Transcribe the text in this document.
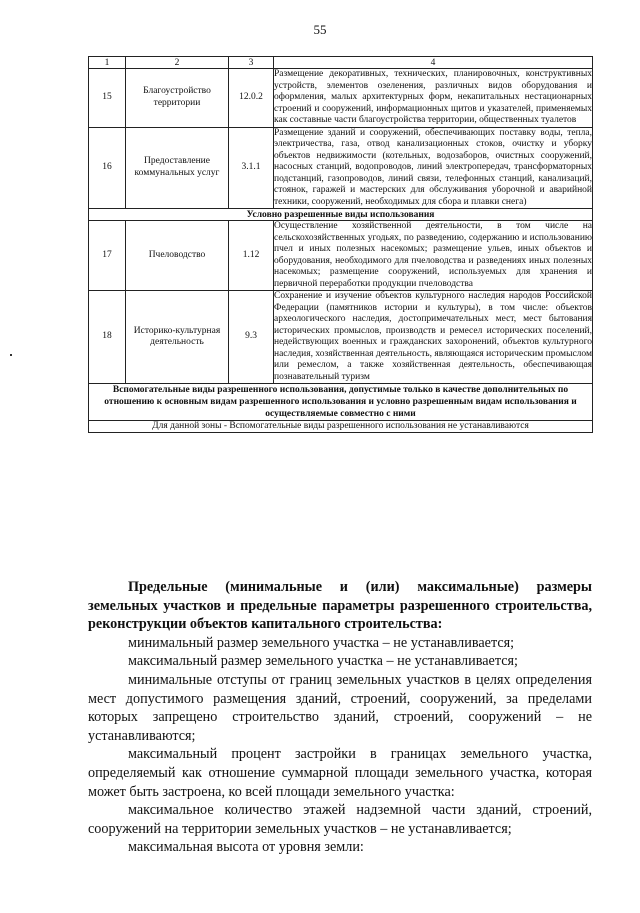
55
1	2	3	4
15	Благоустройство территории	12.0.2	Размещение декоративных, технических, планировочных, конструктивных устройств, элементов озеленения, различных видов оборудования и оформления, малых архитектурных форм, некапитальных нестационарных строений и сооружений, информационных щитов и указателей, применяемых как составные части благоустройства территории, общественных туалетов
16	Предоставление коммунальных услуг	3.1.1	Размещение зданий и сооружений, обеспечивающих поставку воды, тепла, электричества, газа, отвод канализационных стоков, очистку и уборку объектов недвижимости (котельных, водозаборов, очистных сооружений, насосных станций, водопроводов, линий электропередач, трансформаторных подстанций, газопроводов, линий связи, телефонных станций, канализаций, стоянок, гаражей и мастерских для обслуживания уборочной и аварийной техники, сооружений, необходимых для сбора и плавки снега)
Условно разрешенные виды использования			
17	Пчеловодство	1.12	Осуществление хозяйственной деятельности, в том числе на сельскохозяйственных угодьях, по разведению, содержанию и использованию пчел и иных полезных насекомых; размещение ульев, иных объектов и оборудования, необходимого для пчеловодства и разведениях иных полезных насекомых; размещение сооружений, используемых для хранения и первичной переработки продукции пчеловодства
18	Историко-культурная деятельность	9.3	Сохранение и изучение объектов культурного наследия народов Российской Федерации (памятников истории и культуры), в том числе: объектов археологического наследия, достопримечательных мест, мест бытования исторических промыслов, производств и ремесел исторических поселений, недействующих военных и гражданских захоронений, объектов культурного наследия, хозяйственная деятельность, являющаяся историческим промыслом или ремеслом, а также хозяйственная деятельность, обеспечивающая познавательный туризм
Вспомогательные виды разрешенного использования, допустимые только в качестве дополнительных по отношению к основным видам разрешенного использования и условно разрешенным видам использования и осуществляемые совместно с ними			
Для данной зоны - Вспомогательные виды разрешенного использования не устанавливаются			

Предельные (минимальные и (или) максимальные) размеры земельных участков и предельные параметры разрешенного строительства, реконструкции объектов капитального строительства:

минимальный размер земельного участка – не устанавливается;

максимальный размер земельного участка – не устанавливается;

минимальные отступы от границ земельных участков в целях определения мест допустимого размещения зданий, строений, сооружений, за пределами которых запрещено строительство зданий, строений, сооружений – не устанавливаются;

максимальный процент застройки в границах земельного участка, определяемый как отношение суммарной площади земельного участка, которая может быть застроена, ко всей площади земельного участка:

максимальное количество этажей надземной части зданий, строений, сооружений на территории земельных участков – не устанавливается;

максимальная высота от уровня земли:
